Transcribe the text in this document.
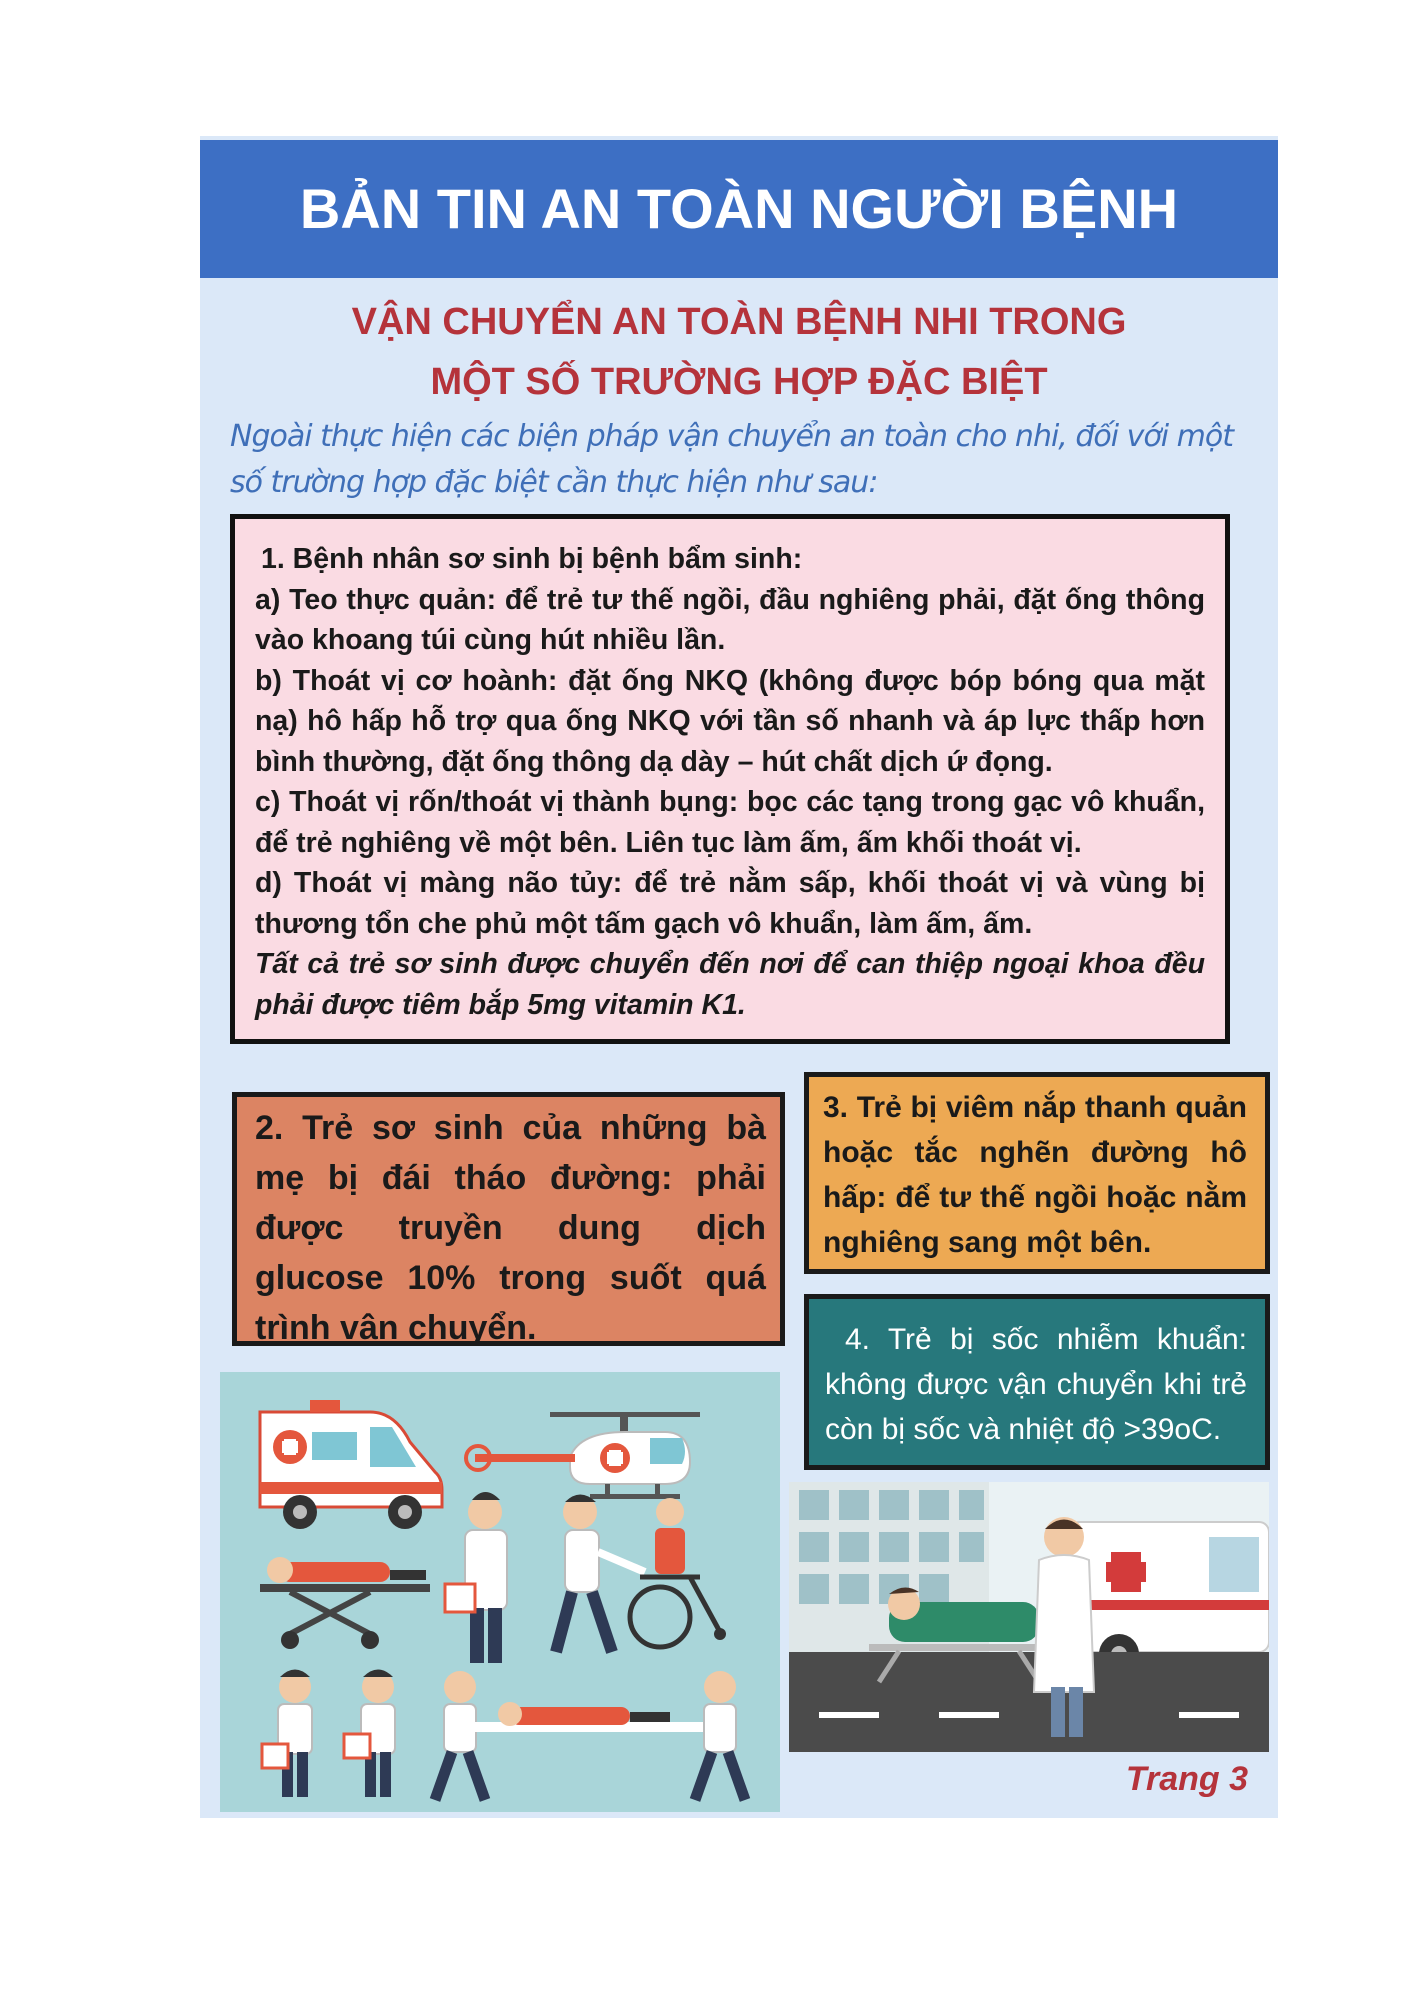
BẢN TIN AN TOÀN NGƯỜI BỆNH
VẬN CHUYỂN AN TOÀN BỆNH NHI TRONG
MỘT SỐ TRƯỜNG HỢP ĐẶC BIỆT
Ngoài thực hiện các biện pháp vận chuyển an toàn cho nhi, đối với một số trường hợp đặc biệt cần thực hiện như sau:

1. Bệnh nhân sơ sinh bị bệnh bẩm sinh:

a) Teo thực quản: để trẻ tư thế ngồi, đầu nghiêng phải, đặt ống thông vào khoang túi cùng hút nhiều lần.

b) Thoát vị cơ hoành: đặt ống NKQ (không được bóp bóng qua mặt nạ) hô hấp hỗ trợ qua ống NKQ với tần số nhanh và áp lực thấp hơn bình thường, đặt ống thông dạ dày – hút chất dịch ứ đọng.

c) Thoát vị rốn/thoát vị thành bụng: bọc các tạng trong gạc vô khuẩn, để trẻ nghiêng về một bên. Liên tục làm ấm, ấm khối thoát vị.

d) Thoát vị màng não tủy: để trẻ nằm sấp, khối thoát vị và vùng bị thương tổn che phủ một tấm gạch vô khuẩn, làm ấm, ấm.

Tất cả trẻ sơ sinh được chuyển đến nơi để can thiệp ngoại khoa đều phải được tiêm bắp 5mg vitamin K1.

2. Trẻ sơ sinh của những bà mẹ bị đái tháo đường: phải được truyền dung dịch glucose 10% trong suốt quá trình vận chuyển.
3. Trẻ bị viêm nắp thanh quản hoặc tắc nghẽn đường hô hấp: để tư thế ngồi hoặc nằm nghiêng sang một bên.
4. Trẻ bị sốc nhiễm khuẩn: không được vận chuyển khi trẻ còn bị sốc và nhiệt độ >39oC.
Trang 3
